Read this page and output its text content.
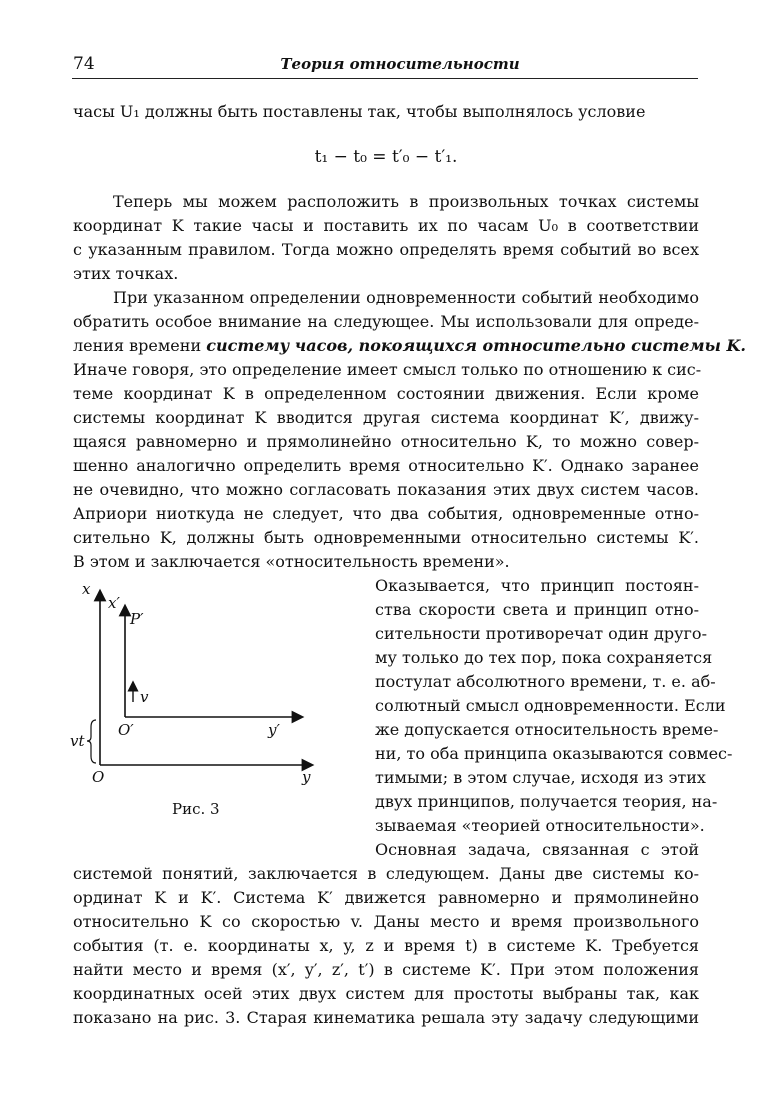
74	Теория относительности

часы U₁ должны быть поставлены так, чтобы выполнялось условие

t₁ − t₀ = t′₀ − t′₁.

Теперь мы можем расположить в произвольных точках системы

координат K такие часы и поставить их по часам U₀ в соответствии

с указанным правилом. Тогда можно определять время событий во всех

этих точках.

При указанном определении одновременности событий необходимо

обратить особое внимание на следующее. Мы использовали для опреде-

ления времени систему часов, покоящихся относительно системы K.

Иначе говоря, это определение имеет смысл только по отношению к сис-

теме координат K в определенном состоянии движения. Если кроме

системы координат K вводится другая система координат K′, движу-

щаяся равномерно и прямолинейно относительно K, то можно совер-

шенно аналогично определить время относительно K′. Однако заранее

не очевидно, что можно согласовать показания этих двух систем часов.

Априори ниоткуда не следует, что два события, одновременные отно-

сительно K, должны быть одновременными относительно системы K′.

В этом и заключается «относительность времени».

Оказывается, что принцип постоян-

ства скорости света и принцип отно-

сительности противоречат один друго-

му только до тех пор, пока сохраняется

постулат абсолютного времени, т. е. аб-

солютный смысл одновременности. Если

же допускается относительность време-

ни, то оба принципа оказываются совмес-

тимыми; в этом случае, исходя из этих

двух принципов, получается теория, на-

зываемая «теорией относительности».

x
x′
P′
v
O′	y′
vt
O	y
Рис. 3

Основная задача, связанная с этой

системой понятий, заключается в следующем. Даны две системы ко-

ординат K и K′. Система K′ движется равномерно и прямолинейно

относительно K со скоростью v. Даны место и время произвольного

события (т. е. координаты x, y, z и время t) в системе K. Требуется

найти место и время (x′, y′, z′, t′) в системе K′. При этом положения

координатных осей этих двух систем для простоты выбраны так, как

показано на рис. 3. Старая кинематика решала эту задачу следующими
